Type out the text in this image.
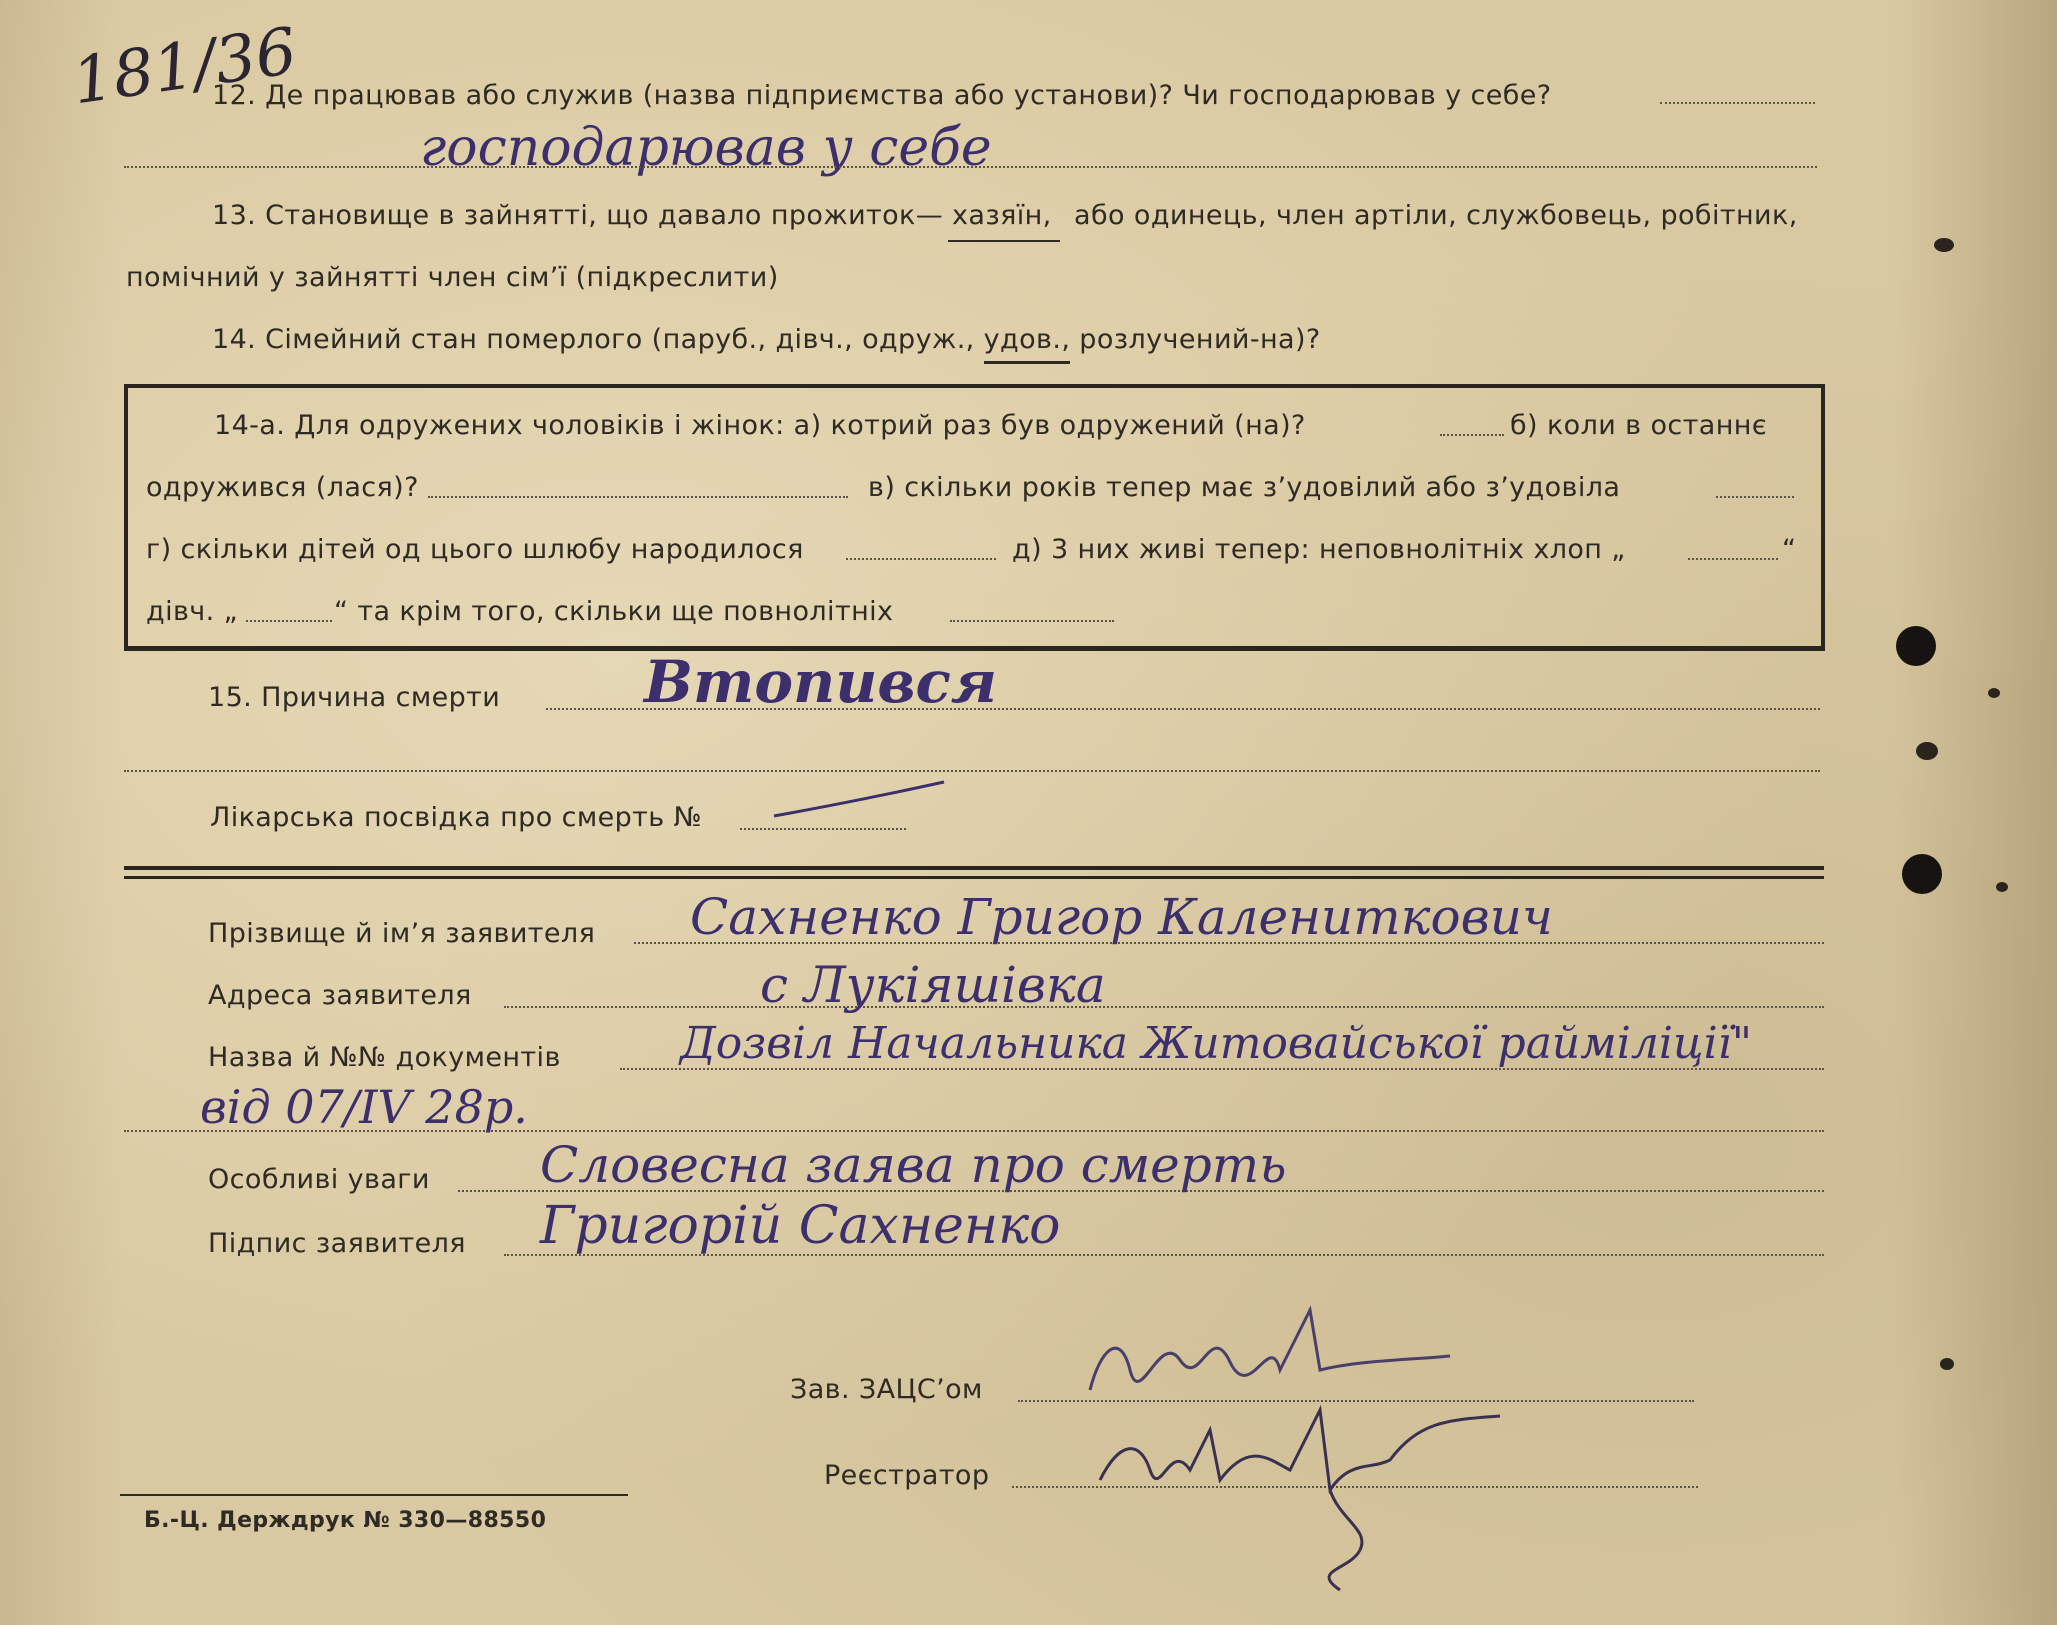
181/36
12. Де працював або служив (назва підприємства або установи)? Чи господарював у себе?
господарював у себе
13. Становище в зайнятті, що давало прожиток— хазяїн, або одинець, член артіли, службовець, робітник,
помічний у зайнятті член сім’ї (підкреслити)
14. Сімейний стан померлого (паруб., дівч., одруж., удов., розлучений-на)?
14-а. Для одружених чоловіків і жінок: а) котрий раз був одружений (на)?	б) коли в останнє
одружився (лася)?	в) скільки років тепер має з’удовілий або з’удовіла
г) скільки дітей од цього шлюбу народилося	д) 3 них живі тепер: неповнолітніх хлоп „	“
дівч. „	“ та крім того, скільки ще повнолітніх
15. Причина смерти Втопився
Лікарська посвідка про смерть №
Прізвище й ім’я заявителя Сахненко Григор Калениткович
Адреса заявителя	с Лукіяшівка
Назва й №№ документів	Дозвіл Начальника Житовайської райміліції"
від 07/IV 28р.
Особливі уваги Словесна заява про смерть
Підпис заявителя Григорій Сахненко
Зав. ЗАЦС’ом
Реєстратор
Б.-Ц. Держдрук № 330—88550
